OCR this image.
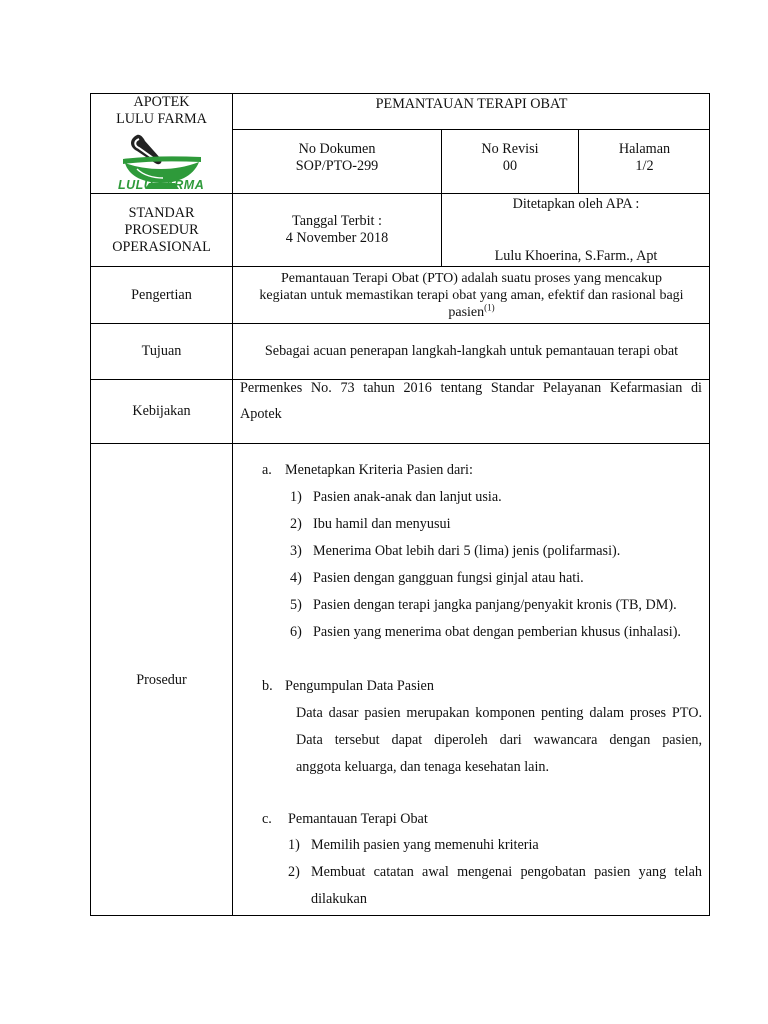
APOTEK
LULU FARMA
LULU FARMA
PEMANTAUAN TERAPI OBAT
No Dokumen
SOP/PTO-299
No Revisi
00
Halaman
1/2
STANDAR
PROSEDUR
OPERASIONAL
Tanggal Terbit :
4 November 2018
Ditetapkan oleh APA :
Lulu Khoerina, S.Farm., Apt
Pengertian
Pemantauan Terapi Obat (PTO) adalah suatu proses yang mencakup
kegiatan untuk memastikan terapi obat yang aman, efektif dan rasional bagi
pasien$^{(1)}$
Tujuan	Sebagai acuan penerapan langkah-langkah untuk pemantauan terapi obat
Kebijakan
Permenkes No. 73 tahun 2016 tentang Standar Pelayanan Kefarmasian di
Apotek
Prosedur
a. Menetapkan Kriteria Pasien dari:
1) Pasien anak-anak dan lanjut usia.
2) Ibu hamil dan menyusui
3) Menerima Obat lebih dari 5 (lima) jenis (polifarmasi).
4) Pasien dengan gangguan fungsi ginjal atau hati.
5) Pasien dengan terapi jangka panjang/penyakit kronis (TB, DM).
6) Pasien yang menerima obat dengan pemberian khusus (inhalasi).
b. Pengumpulan Data Pasien
Data dasar pasien merupakan komponen penting dalam proses PTO.
Data tersebut dapat diperoleh dari wawancara dengan pasien,
anggota keluarga, dan tenaga kesehatan lain.
c. Pemantauan Terapi Obat
1) Memilih pasien yang memenuhi kriteria
2) Membuat catatan awal mengenai pengobatan pasien yang telah
dilakukan
